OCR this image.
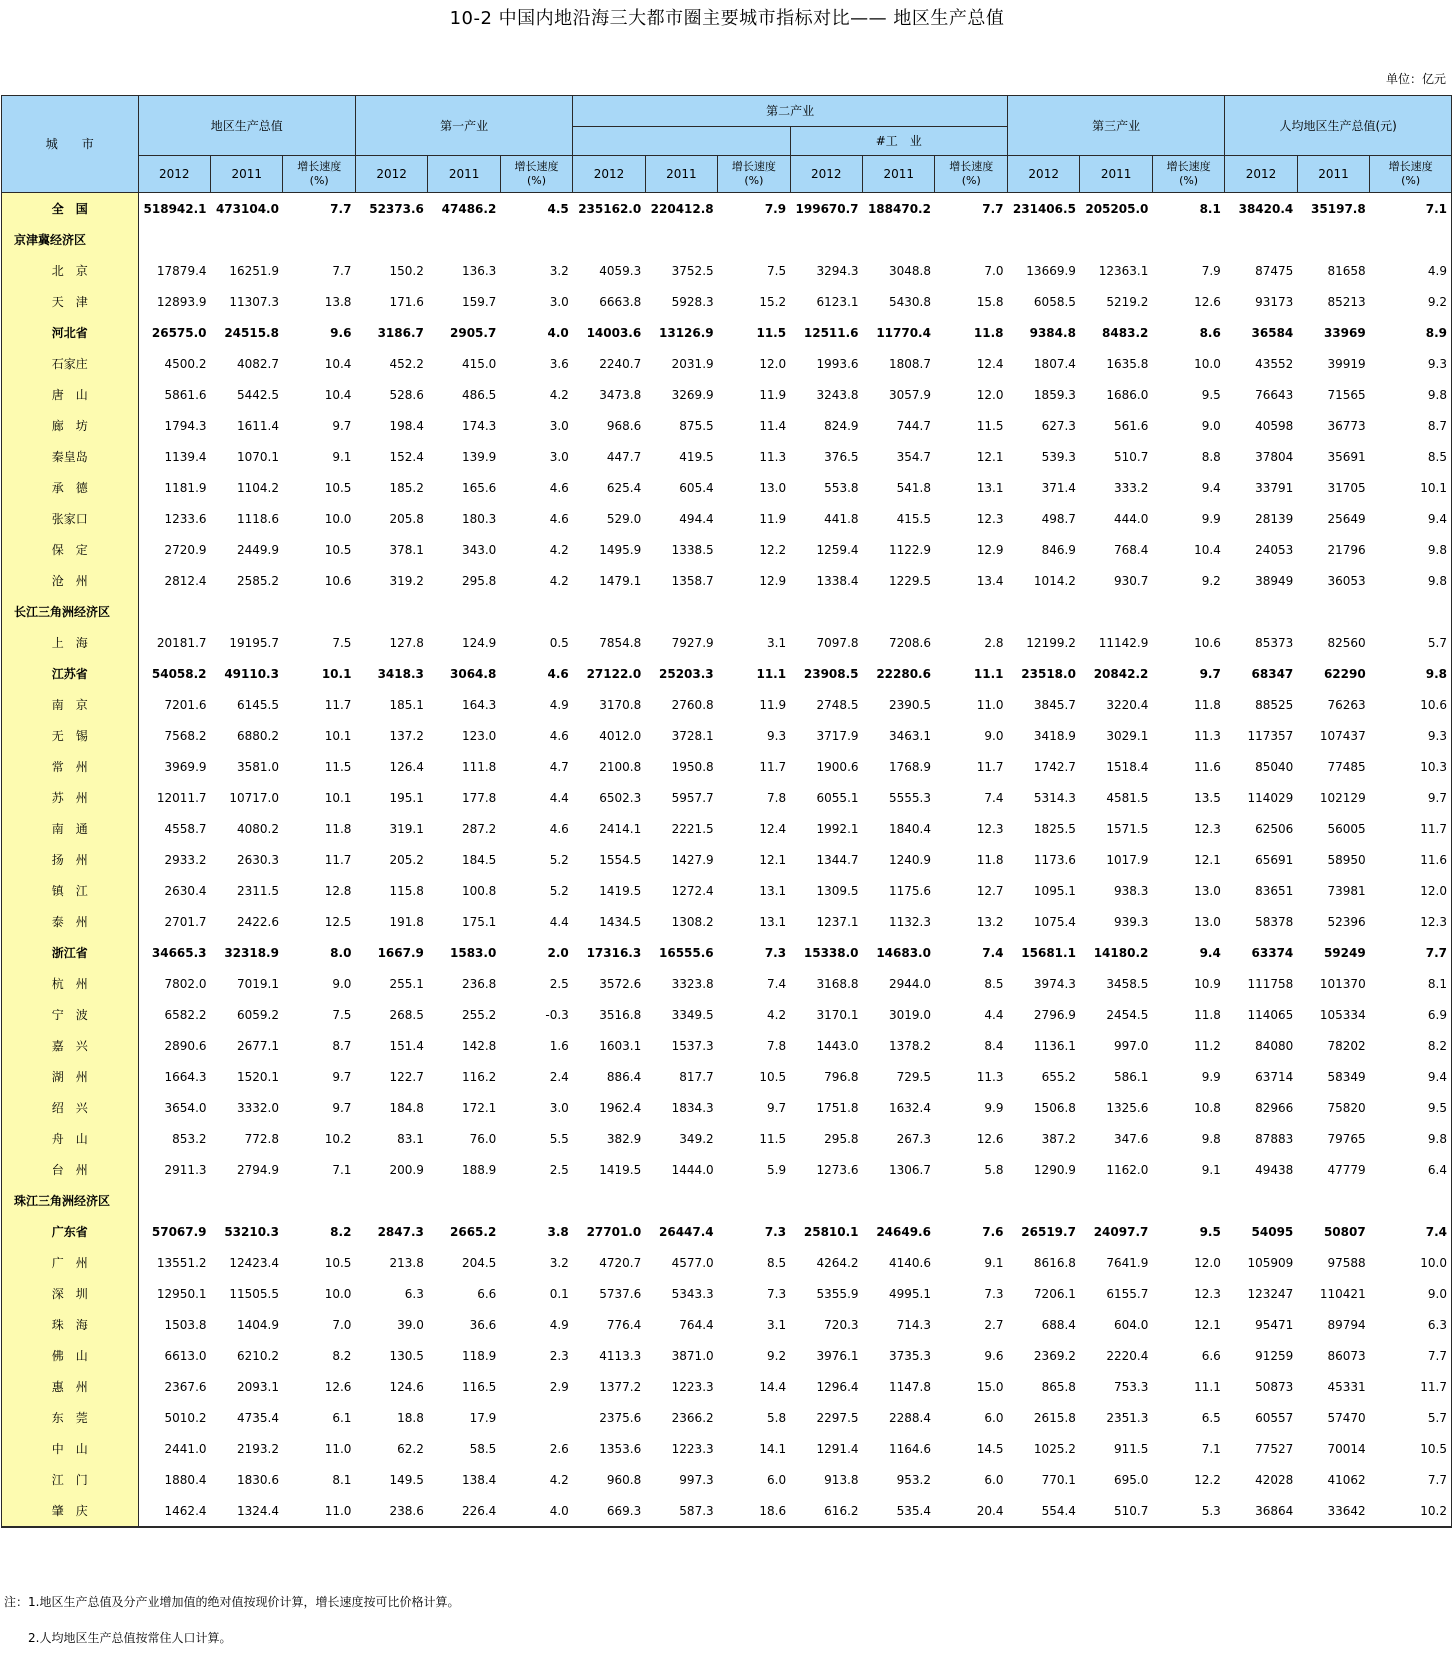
10-2 中国内地沿海三大都市圈主要城市指标对比—— 地区生产总值
单位：亿元
城　　市	地区生产总值			第一产业			第二产业						第三产业			人均地区生产总值(元)		
										#工　业								
	2012	2011	增长速度
(%)	2012	2011	增长速度
(%)	2012	2011	增长速度
(%)	2012	2011	增长速度
(%)	2012	2011	增长速度
(%)	2012	2011	增长速度
(%)

全　国	518942.1	473104.0	7.7	52373.6	47486.2	4.5	235162.0	220412.8	7.9	199670.7	188470.2	7.7	231406.5	205205.0	8.1	38420.4	35197.8	7.1
京津冀经济区																		
北　京	17879.4	16251.9	7.7	150.2	136.3	3.2	4059.3	3752.5	7.5	3294.3	3048.8	7.0	13669.9	12363.1	7.9	87475	81658	4.9
天　津	12893.9	11307.3	13.8	171.6	159.7	3.0	6663.8	5928.3	15.2	6123.1	5430.8	15.8	6058.5	5219.2	12.6	93173	85213	9.2
河北省	26575.0	24515.8	9.6	3186.7	2905.7	4.0	14003.6	13126.9	11.5	12511.6	11770.4	11.8	9384.8	8483.2	8.6	36584	33969	8.9
石家庄	4500.2	4082.7	10.4	452.2	415.0	3.6	2240.7	2031.9	12.0	1993.6	1808.7	12.4	1807.4	1635.8	10.0	43552	39919	9.3
唐　山	5861.6	5442.5	10.4	528.6	486.5	4.2	3473.8	3269.9	11.9	3243.8	3057.9	12.0	1859.3	1686.0	9.5	76643	71565	9.8
廊　坊	1794.3	1611.4	9.7	198.4	174.3	3.0	968.6	875.5	11.4	824.9	744.7	11.5	627.3	561.6	9.0	40598	36773	8.7
秦皇岛	1139.4	1070.1	9.1	152.4	139.9	3.0	447.7	419.5	11.3	376.5	354.7	12.1	539.3	510.7	8.8	37804	35691	8.5
承　德	1181.9	1104.2	10.5	185.2	165.6	4.6	625.4	605.4	13.0	553.8	541.8	13.1	371.4	333.2	9.4	33791	31705	10.1
张家口	1233.6	1118.6	10.0	205.8	180.3	4.6	529.0	494.4	11.9	441.8	415.5	12.3	498.7	444.0	9.9	28139	25649	9.4
保　定	2720.9	2449.9	10.5	378.1	343.0	4.2	1495.9	1338.5	12.2	1259.4	1122.9	12.9	846.9	768.4	10.4	24053	21796	9.8
沧　州	2812.4	2585.2	10.6	319.2	295.8	4.2	1479.1	1358.7	12.9	1338.4	1229.5	13.4	1014.2	930.7	9.2	38949	36053	9.8
长江三角洲经济区																		
上　海	20181.7	19195.7	7.5	127.8	124.9	0.5	7854.8	7927.9	3.1	7097.8	7208.6	2.8	12199.2	11142.9	10.6	85373	82560	5.7
江苏省	54058.2	49110.3	10.1	3418.3	3064.8	4.6	27122.0	25203.3	11.1	23908.5	22280.6	11.1	23518.0	20842.2	9.7	68347	62290	9.8
南　京	7201.6	6145.5	11.7	185.1	164.3	4.9	3170.8	2760.8	11.9	2748.5	2390.5	11.0	3845.7	3220.4	11.8	88525	76263	10.6
无　锡	7568.2	6880.2	10.1	137.2	123.0	4.6	4012.0	3728.1	9.3	3717.9	3463.1	9.0	3418.9	3029.1	11.3	117357	107437	9.3
常　州	3969.9	3581.0	11.5	126.4	111.8	4.7	2100.8	1950.8	11.7	1900.6	1768.9	11.7	1742.7	1518.4	11.6	85040	77485	10.3
苏　州	12011.7	10717.0	10.1	195.1	177.8	4.4	6502.3	5957.7	7.8	6055.1	5555.3	7.4	5314.3	4581.5	13.5	114029	102129	9.7
南　通	4558.7	4080.2	11.8	319.1	287.2	4.6	2414.1	2221.5	12.4	1992.1	1840.4	12.3	1825.5	1571.5	12.3	62506	56005	11.7
扬　州	2933.2	2630.3	11.7	205.2	184.5	5.2	1554.5	1427.9	12.1	1344.7	1240.9	11.8	1173.6	1017.9	12.1	65691	58950	11.6
镇　江	2630.4	2311.5	12.8	115.8	100.8	5.2	1419.5	1272.4	13.1	1309.5	1175.6	12.7	1095.1	938.3	13.0	83651	73981	12.0
泰　州	2701.7	2422.6	12.5	191.8	175.1	4.4	1434.5	1308.2	13.1	1237.1	1132.3	13.2	1075.4	939.3	13.0	58378	52396	12.3
浙江省	34665.3	32318.9	8.0	1667.9	1583.0	2.0	17316.3	16555.6	7.3	15338.0	14683.0	7.4	15681.1	14180.2	9.4	63374	59249	7.7
杭　州	7802.0	7019.1	9.0	255.1	236.8	2.5	3572.6	3323.8	7.4	3168.8	2944.0	8.5	3974.3	3458.5	10.9	111758	101370	8.1
宁　波	6582.2	6059.2	7.5	268.5	255.2	-0.3	3516.8	3349.5	4.2	3170.1	3019.0	4.4	2796.9	2454.5	11.8	114065	105334	6.9
嘉　兴	2890.6	2677.1	8.7	151.4	142.8	1.6	1603.1	1537.3	7.8	1443.0	1378.2	8.4	1136.1	997.0	11.2	84080	78202	8.2
湖　州	1664.3	1520.1	9.7	122.7	116.2	2.4	886.4	817.7	10.5	796.8	729.5	11.3	655.2	586.1	9.9	63714	58349	9.4
绍　兴	3654.0	3332.0	9.7	184.8	172.1	3.0	1962.4	1834.3	9.7	1751.8	1632.4	9.9	1506.8	1325.6	10.8	82966	75820	9.5
舟　山	853.2	772.8	10.2	83.1	76.0	5.5	382.9	349.2	11.5	295.8	267.3	12.6	387.2	347.6	9.8	87883	79765	9.8
台　州	2911.3	2794.9	7.1	200.9	188.9	2.5	1419.5	1444.0	5.9	1273.6	1306.7	5.8	1290.9	1162.0	9.1	49438	47779	6.4
珠江三角洲经济区																		
广东省	57067.9	53210.3	8.2	2847.3	2665.2	3.8	27701.0	26447.4	7.3	25810.1	24649.6	7.6	26519.7	24097.7	9.5	54095	50807	7.4
广　州	13551.2	12423.4	10.5	213.8	204.5	3.2	4720.7	4577.0	8.5	4264.2	4140.6	9.1	8616.8	7641.9	12.0	105909	97588	10.0
深　圳	12950.1	11505.5	10.0	6.3	6.6	0.1	5737.6	5343.3	7.3	5355.9	4995.1	7.3	7206.1	6155.7	12.3	123247	110421	9.0
珠　海	1503.8	1404.9	7.0	39.0	36.6	4.9	776.4	764.4	3.1	720.3	714.3	2.7	688.4	604.0	12.1	95471	89794	6.3
佛　山	6613.0	6210.2	8.2	130.5	118.9	2.3	4113.3	3871.0	9.2	3976.1	3735.3	9.6	2369.2	2220.4	6.6	91259	86073	7.7
惠　州	2367.6	2093.1	12.6	124.6	116.5	2.9	1377.2	1223.3	14.4	1296.4	1147.8	15.0	865.8	753.3	11.1	50873	45331	11.7
东　莞	5010.2	4735.4	6.1	18.8	17.9		2375.6	2366.2	5.8	2297.5	2288.4	6.0	2615.8	2351.3	6.5	60557	57470	5.7
中　山	2441.0	2193.2	11.0	62.2	58.5	2.6	1353.6	1223.3	14.1	1291.4	1164.6	14.5	1025.2	911.5	7.1	77527	70014	10.5
江　门	1880.4	1830.6	8.1	149.5	138.4	4.2	960.8	997.3	6.0	913.8	953.2	6.0	770.1	695.0	12.2	42028	41062	7.7
肇　庆	1462.4	1324.4	11.0	238.6	226.4	4.0	669.3	587.3	18.6	616.2	535.4	20.4	554.4	510.7	5.3	36864	33642	10.2
注：1.地区生产总值及分产业增加值的绝对值按现价计算，增长速度按可比价格计算。
　　2.人均地区生产总值按常住人口计算。
